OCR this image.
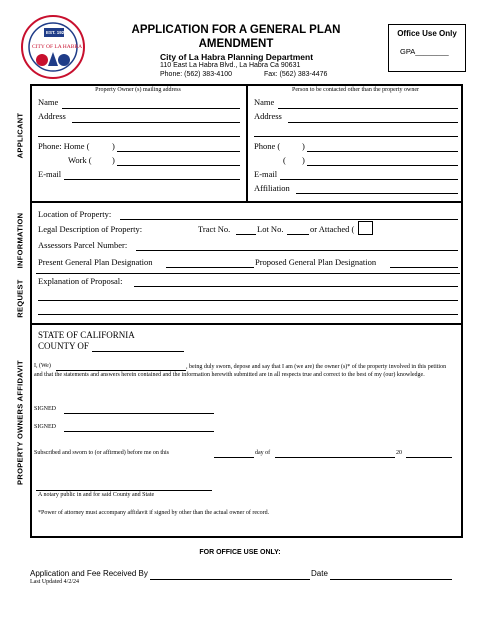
EST. 1925
CITY OF LA HABRA
APPLICATION FOR A GENERAL PLAN
AMENDMENT
City of La Habra Planning Department
110 East La Habra Blvd., La Habra Ca 90631
Phone: (562) 383-4100	Fax: (562) 383-4476
Office Use Only
GPA________
APPLICANT
INFORMATION
REQUEST
PROPERTY OWNERS AFFIDAVIT
Property Owner (s) mailing address	Person to be contacted other than the property owner
Name
Address
Phone: Home (	)
Work ( )
E-mail
Name
Address
Phone (	)
( )
E-mail
Affiliation
Location of Property:
Legal Description of Property:	Tract No.	Lot No.	or Attached (
Assessors Parcel Number:
Present General Plan Designation	Proposed General Plan Designation
Explanation of Proposal:
STATE OF CALIFORNIA
COUNTY OF
I, (We)	, being duly sworn, depose and say that I am (we are) the owner (s)* of the property involved in this petition and that the statements and answers herein contained and the information herewith submitted are in all respects true and correct to the best of my (our) knowledge.
SIGNED
SIGNED
Subscribed and sworn to (or affirmed) before me on this	day of	20
A notary public in and for said County and State
*Power of attorney must accompany affidavit if signed by other than the actual owner of record.
FOR OFFICE USE ONLY:
Application and Fee Received By	Date
Last Updated 4/2/24
